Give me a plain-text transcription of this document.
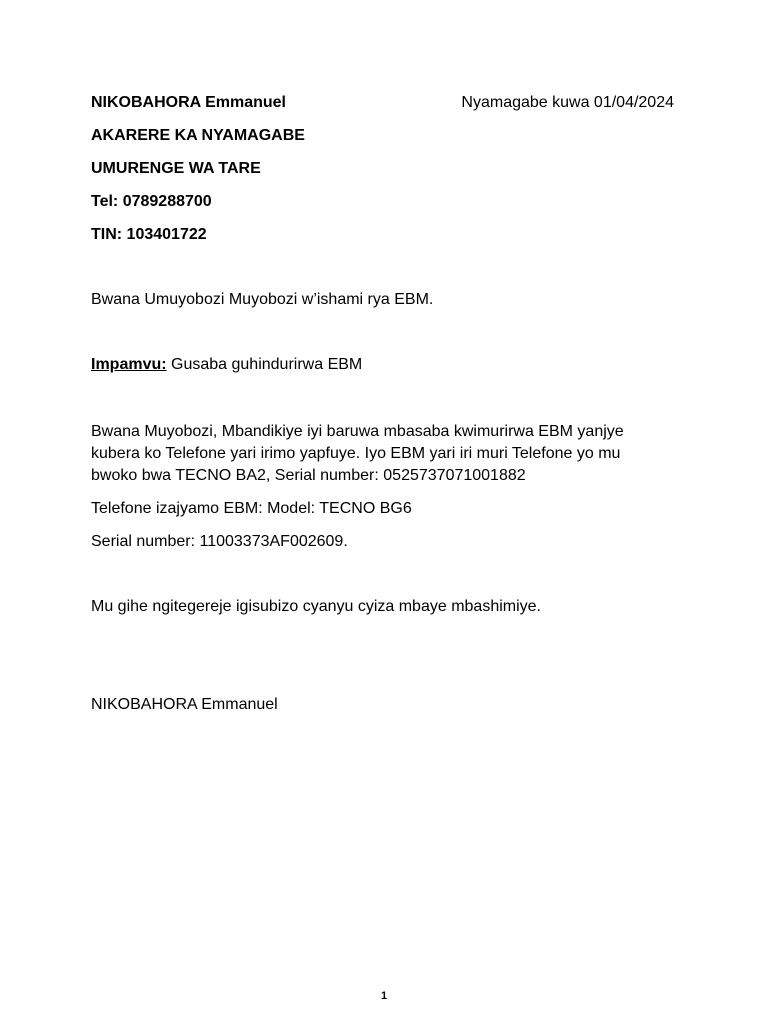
NIKOBAHORA Emmanuel	Nyamagabe kuwa 01/04/2024
AKARERE KA NYAMAGABE
UMURENGE WA TARE
Tel: 0789288700
TIN: 103401722
Bwana Umuyobozi Muyobozi w’ishami rya EBM.
Impamvu: Gusaba guhindurirwa EBM
Bwana Muyobozi, Mbandikiye iyi baruwa mbasaba kwimurirwa EBM yanjye
kubera ko Telefone yari irimo yapfuye. Iyo EBM yari iri muri Telefone yo mu
bwoko bwa TECNO BA2, Serial number: 0525737071001882
Telefone izajyamo EBM: Model: TECNO BG6
Serial number: 11003373AF002609.
Mu gihe ngitegereje igisubizo cyanyu cyiza mbaye mbashimiye.
NIKOBAHORA Emmanuel
1
